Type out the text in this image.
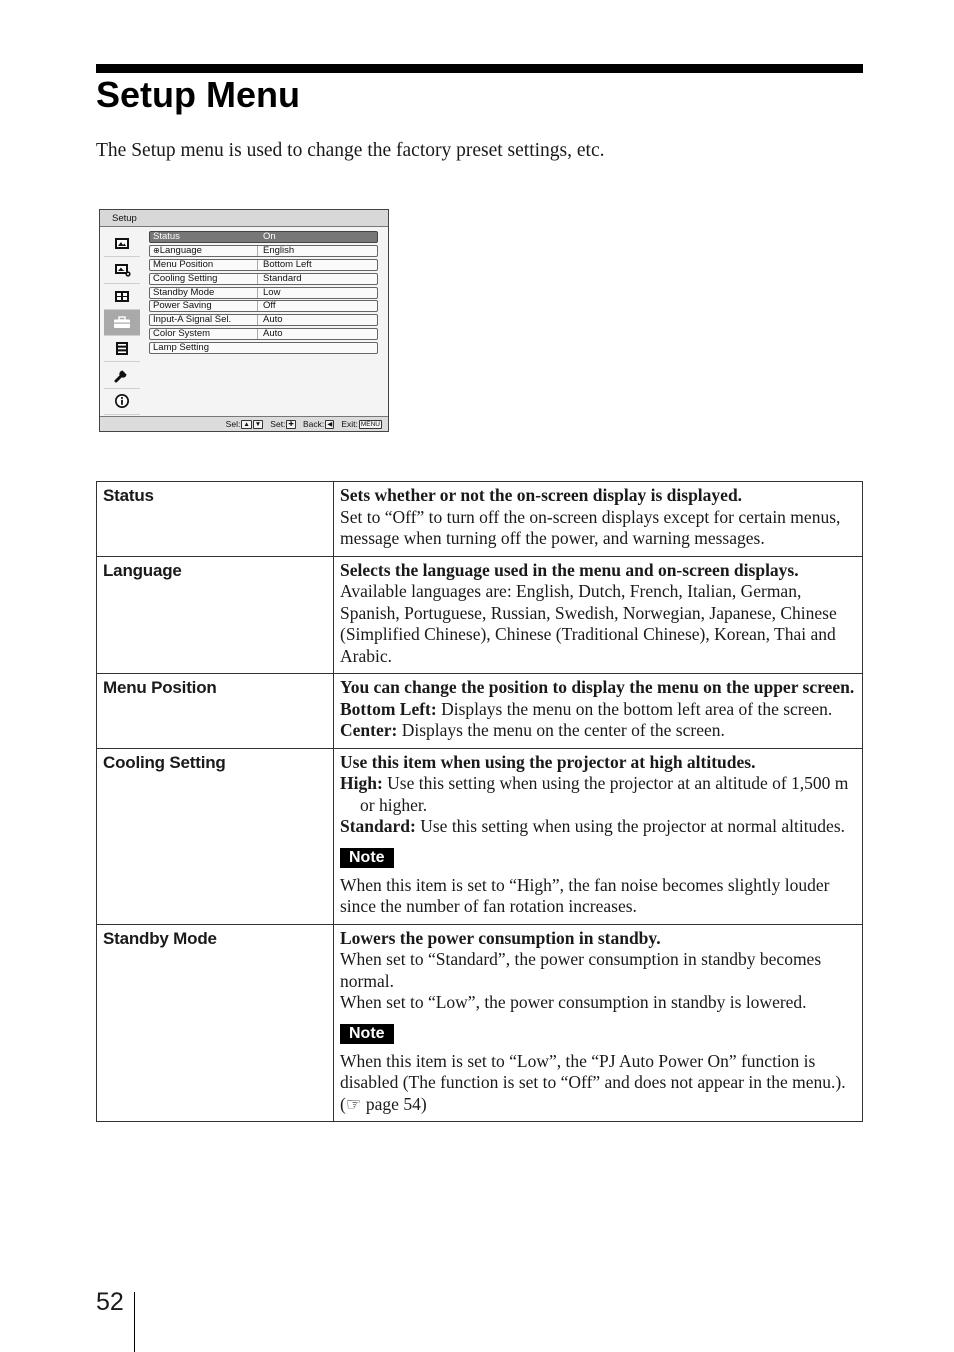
Setup Menu
The Setup menu is used to change the factory preset settings, etc.
Setup
Status	On
⊕Language	English
Menu Position	Bottom Left
Cooling Setting	Standard
Standby Mode	Low
Power Saving	Off
Input-A Signal Sel.	Auto
Color System	Auto
Lamp Setting
Sel: ▲ ▼ Set: ✚ Back: ◀ Exit: MENU
Status	Sets whether or not the on-screen display is displayed.

Set to “Off” to turn off the on-screen displays except for certain menus, message when turning off the power, and warning messages.

Language	Selects the language used in the menu and on-screen displays.

Available languages are: English, Dutch, French, Italian, German, Spanish, Portuguese, Russian, Swedish, Norwegian, Japanese, Chinese (Simplified Chinese), Chinese (Traditional Chinese), Korean, Thai and Arabic.

Menu Position	You can change the position to display the menu on the upper screen.

Bottom Left: Displays the menu on the bottom left area of the screen.

Center: Displays the menu on the center of the screen.

Cooling Setting	Use this item when using the projector at high altitudes.

High: Use this setting when using the projector at an altitude of 1,500 m or higher.

Standard: Use this setting when using the projector at normal altitudes.

Note

When this item is set to “High”, the fan noise becomes slightly louder since the number of fan rotation increases.

Standby Mode	Lowers the power consumption in standby.

When set to “Standard”, the power consumption in standby becomes normal.

When set to “Low”, the power consumption in standby is lowered.

Note

When this item is set to “Low”, the “PJ Auto Power On” function is disabled (The function is set to “Off” and does not appear in the menu.). (☞ page 54)

52
